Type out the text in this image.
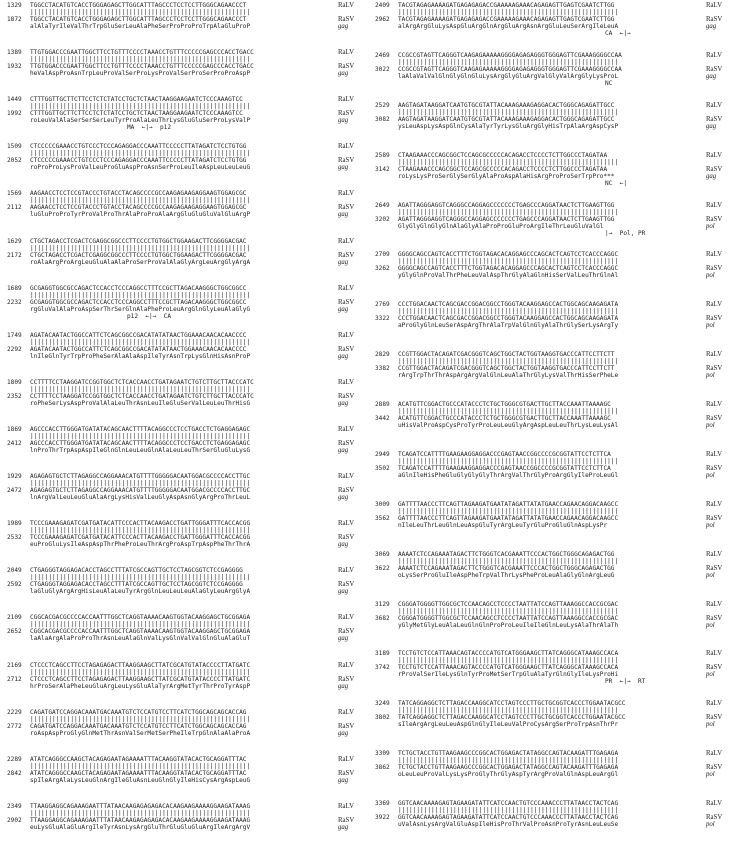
1329 TGGCCTACATGTCACCTGGGAGAGCTTGGCATTTAGCCCTCCTCCTTGGGCAGAACCCT	RaLV
||||||||||||||||||||||||||||||||||||||||||||||||||||||||||||
1872 TGGCCTACATGTCACCTGGGAGAGCTTGGCATTTAGCCCTCCTCCTTGGGCAGAACCCT	RaSV
alAlaTyrIleValThrTrpGluSerLeuAlaPheSerProProProTrpAlaGluProP	gag
1389 TTGTGGACCCGAATTGGCTTCCTGTTTCCCCTAAACCTGTTTCCCCCGAGCCCACCTGACC	RaLV
||||||||||||||||||||||||||||||||||||||||||||||||||||||||||||
1932 TTGTGGACCCGAATTGGCTTCCTGTTTCCCCTAAACCTGTTTCCCCCGAGCCCACCTGACC	RaSV
heValAspProAsnTrpLeuProValSerProLysProValSerProSerProProAspP	gag
1449 CTTTGGTTGCTTCTTCCTCTCTATCCTGCTCTAACTAAGGAAGAATCTCCCAAAGTCC	RaLV
||||||||||||||||||||||||||||||||||||||||||||||||||||||||||||
1992 CTTTGGTTGCTTCTTCCTCTCTATCCTGCTCTAACTAAGGAAGAATCTCCCAAAGTCC	RaSV
roLeuValAlaSerSerSerLeuTyrProAlaLeuThrLysGluGluSerProLysValP	gag
MA  ←|→  p12
1509 CTCCCCCGAAACCTGTCCCTCCCAGAGGACCCAAATTCCCCCTTATAGATCTCCTGTGG	RaLV
||||||||||||||||||||||||||||||||||||||||||||||||||||||||||||
2052 CTCCCCCGAAACCTGTCCCTCCCAGAGGACCCAAATTCCCCCTTATAGATCTCCTGTGG	RaSV
roProProLysProValLeuProGluAspProAsnSerProLeuIleAspLeuLeuLeuG	gag
1569 AAGAACCTCCTCCGTACCCTGTACCTACAGCCCCGCCAAGAGAAGAGGAAGTGGAGCGC	RaLV
||||||||||||||||||||||||||||||||||||||||||||||||||||||||||||
2112 AAGAACCTCCTCCGTACCCTGTACCTACAGCCCCGCCAAGAGAAGAGGAAGTGGAGCGC	RaSV
luGluProProTyrProValProThrAlaProProAlaArgGluGluGluValGluArgP	gag
1629 CTGCTAGACCTCGACTCGAGGCGGCCCTTCCCCTGTGGCTGGAAGACTTCGGGGACGAC	RaLV
||||||||||||||||||||||||||||||||||||||||||||||||||||||||||||
2172 CTGCTAGACCTCGACTCGAGGCGGCCCTTCCCCTGTGGCTGGAAGACTTCGGGGACGAC	RaSV
roAlaArgProArgLeuGluAlaAlaProSerProValAlaGlyArgLeuArgGlyArgA	gag
1689 GCGAGGTGGCGCCAGACTCCACCTCCCAGGCCTTTCCGCTTAGACAAGGGCTGGCGGCC	RaLV
||||||||||||||||||||||||||||||||||||||||||||||||||||||||||||
2232 GCGAGGTGGCGCCAGACTCCACCTCCCAGGCCTTTCCGCTTAGACAAGGGCTGGCGGCC	RaSV
rgGluValAlaProAspSerThrSerGlnAlaPheProLeuArgGlnGlyLeuAlaGlyG	gag
p12  ←|→  CA
1749 AGATACAATACTGGCCATTCTCAGCGGCCGACATATATAACTGGAAACAACACAACCCC	RaLV
||||||||||||||||||||||||||||||||||||||||||||||||||||||||||||
2292 AGATACAATACTGGCCATTCTCAGCGGCCGACATATATAACTGGAAACAACACAACCCC	RaSV
lnIleGlnTyrTrpProPheSerAlaAlaAspIleTyrAsnTrpLysGlnHisAsnProP	gag
1809 CCTTTTCCTAAGGATCCGGTGGCTCTCACCAACCTGATAGAATCTGTCTTGCTTACCCATC	RaLV
||||||||||||||||||||||||||||||||||||||||||||||||||||||||||||
2352 CCTTTTCCTAAGGATCCGGTGGCTCTCACCAACCTGATAGAATCTGTCTTGCTTACCCATC	RaSV
roPheSerLysAspProValAlaLeuThrAsnLeuIleGluSerValLeuLeuThrHisG	gag
1869 AGCCCACCTTGGGATGATATACAGCAACTTTTACAGGCCCTCCTGACCTCTGAGGAGAGC	RaLV
||||||||||||||||||||||||||||||||||||||||||||||||||||||||||||
2412 AGCCCACCTTGGGATGATATACAGCAACTTTTACAGGCCCTCCTGACCTCTGAGGAGAGC	RaSV
lnProThrTrpAspAspIleGlnGlnLeuLeuGlnAlaLeuLeuThrSerGluGluLysG	gag
1929 AGAGAGTGCTCTTAGAGGCCAGGAAACATGTTTTGGGGGACAATGGACGCCCCACCTTGC	RaLV
||||||||||||||||||||||||||||||||||||||||||||||||||||||||||||
2472 AGAGAGTGCTCTTAGAGGCCAGGAAACATGTTTTGGGGGACAATGGACGCCCCACCTTGC	RaSV
lnArgValLeuLeuGluAlaArgLysHisValLeuGlyAspAsnGlyArgProThrLeuL	gag
1989 TCCCGAAAGAGATCGATGATACATTCCCACTTACAAGACCTGATTGGGATTTCACCACGG	RaLV
||||||||||||||||||||||||||||||||||||||||||||||||||||||||||||
2532 TCCCGAAAGAGATCGATGATACATTCCCACTTACAAGACCTGATTGGGATTTCACCACGG	RaSV
euProGluLysIleAspAspThrPheProLeuThrArgProAspTrpAspPheThrThrA	gag
2049 CTGAGGGTAGGAGACACCTAGCCTTTATCGCCAGTTGCTCCTAGCGGTCTCCGAGGGG	RaLV
||||||||||||||||||||||||||||||||||||||||||||||||||||||||||||
2592 CTGAGGGTAGGAGACACCTAGCCTTTATCGCCAGTTGCTCCTAGCGGTCTCCGAGGGG	RaSV
laGluGlyArgArgHisLeuAlaLeuTyrArgGlnLeuLeuLeuAlaGlyLeuArgGlyA	gag
2109 CGGCACGACGCCCCACCAATTTGGCTCAGGTAAAACAAGTGGTACAAGGAGCTGCGGAGA	RaLV
||||||||||||||||||||||||||||||||||||||||||||||||||||||||||||
2652 CGGCACGACGCCCCACCAATTTGGCTCAGGTAAAACAAGTGGTACAAGGAGCTGCGGAGA	RaSV
laAlaArgAlaProProThrAsnLeuAlaGlnValLysGlnValValGlnGluAlaGluT	gag
2169 CTCCCTCAGCCTTCCTAGAGAGACTTAAGGAAGCTTATCGCATGTATACCCCTTATGATC	RaLV
||||||||||||||||||||||||||||||||||||||||||||||||||||||||||||
2712 CTCCCTCAGCCTTCCTAGAGAGACTTAAGGAAGCTTATCGCATGTATACCCCTTATGATC	RaSV
hrProSerAlaPheLeuGluArgLeuLysGluAlaTyrArgMetTyrThrProTyrAspP	gag
2229 CAGATGATCCAGGACAAATGACAAATGTCTCCATGTCCTTCATCTGGCAGCAGCACCAG	RaLV
||||||||||||||||||||||||||||||||||||||||||||||||||||||||||||
2772 CAGATGATCCAGGACAAATGACAAATGTCTCCATGTCCTTCATCTGGCAGCAGCACCAG	RaSV
roAspAspProGlyGlnMetThrAsnValSerMetSerPheIleTrpGlnAlaAlaProA	gag
2289 ATATCAGGGCCAAGCTACAGAGAATAGAAAATTTACAAGGTATACACTGCAGGATTTAC	RaLV
||||||||||||||||||||||||||||||||||||||||||||||||||||||||||||
2842 ATATCAGGGCCAAGCTACAGAGAATAGAAAATTTACAAGGTATACACTGCAGGATTTAC	RaSV
spIleArgAlaLysLeuGlnArgIleGluAsnLeuGlnGlyIleHisCysArgAspLeuG	gag
2349 TTAAGGAGGCAGAAAGAATTTATAACAAGAGAGAGACACAAGAAGAAAAGGAAGATAAAG	RaLV
||||||||||||||||||||||||||||||||||||||||||||||||||||||||||||
2902 TTAAGGAGGCAGAAAGAATTTATAACAAGAGAGAGACACAAGAAGAAAAGGAAGATAAAG	RaSV
euLysGluAlaGluArgIleTyrAsnLysArgGluThrGluGluGluArgIleArgArgV	gag
2409 TACGTAGAGAAAAGATGAGAGAGACCGAAAAAGAAACAGAGAGTTGAGTCGAATCTTGG	RaLV
||||||||||||||||||||||||||||||||||||||||||||||||||||||||||||
2962 TACGTAGAGAAAAGATGAGAGAGACCGAAAAAGAAACAGAGAGTTGAGTCGAATCTTGG	RaSV
alArgArgGluLysAspGluArgGlnArgGluArgAsnArgGluLeuSerArgIleLeuA	gag
CA  ←|→
2469 CCGCCGTAGTTCAGGGTCAAGAGAAAAAGGGGAGAGAGGGTGGGAGTTCGAAAGGGGCCAA	RaLV
||||||||||||||||||||||||||||||||||||||||||||||||||||||||||||
3022 CCGCCGTAGTTCAGGGTCAAGAGAAAAAGGGGAGAGAGGGTGGGAGTTCGAAAGGGGCCAA	RaSV
laAlaValValGlnGlyGlnGluLysArgGlyGluArgValGlyValArgGlyLysProL	gag
NC
2529 AAGTAGATAAGGATCAATGTGCGTATTACAAAGAAAGAGGACACTGGGCAGAGATTGCC	RaLV
||||||||||||||||||||||||||||||||||||||||||||||||||||||||||||
3082 AAGTAGATAAGGATCAATGTGCGTATTACAAAGAAAGAGGACACTGGGCAGAGATTGCC	RaSV
ysLeuAspLysAspGlnCysAlaTyrTyrLysGluArgGlyHisTrpAlaArgAspCysP	gag
2589 CTAAGAAACCCAGCGGCTCCAGCGCCCCCACAGACCTCCCCTCTTGGCCCTAGATAA	RaLV
||||||||||||||||||||||||||||||||||||||||||||||||||||||||||||
3142 CTAAGAAACCCAGCGGCTCCAGCGCCCCCACAGACCTCCCCTCTTGGCCCTAGATAA	RaSV
roLysLysProSerGlySerGlyAlaProAspAlaHisArgProProSerTrpPro***	gag
NC  ←|
2649 AGATTAGGGAGGTCAGGGCCAGGAGCCCCCCCTGAGCCCAGGATAACTCTTGAAGTTGG	RaLV
||||||||||||||||||||||||||||||||||||||||||||||||||||||||||||
3202 AGATTAGGGAGGTCAGGGCCAGGAGCCCCCCCTGAGCCCAGGATAACTCTTGAAGTTGG	RaSV
GlyGlyGlnGlyGlnAlaGlyAlaProProGluProArgIleThrLeuGluValGl	pol
|→  Pol, PR
2709 GGGGCAGCCAGTCACCTTTCTGGTAGACACAGGAGCCCAGCACTCAGTCCTCACCCAGGC	RaLV
||||||||||||||||||||||||||||||||||||||||||||||||||||||||||||
3262 GGGGCAGCCAGTCACCTTTCTGGTAGACACAGGAGCCCAGCACTCAGTCCTCACCCAGGC	RaSV
yGlyGlnProValThrPheLeuValAspThrGlyAlaGlnHisSerValLeuThrGlnAl	pol
2769 CCCTGGACAACTCAGCGACCGGACGGCCTGGGTACAAGGAGCCACTGGCAGCAAGAGATA	RaLV
||||||||||||||||||||||||||||||||||||||||||||||||||||||||||||
3322 CCCTGGACAACTCAGCGACCGGACGGCCTGGGTACAAGGAGCCACTGGCAGCAAGAGATA	RaSV
aProGlyGlnLeuSerAspArgThrAlaTrpValGlnGlyAlaThrGlySerLysArgTy	pol
2829 CCGTTGGACTACAGATCGACGGGTCAGCTGGCTACTGGTAAGGTGACCCATTCCTTCTT	RaLV
||||||||||||||||||||||||||||||||||||||||||||||||||||||||||||
3382 CCGTTGGACTACAGATCGACGGGTCAGCTGGCTACTGGTAAGGTGACCCATTCCTTCTT	RaSV
rArgTrpThrThrAspArgArgValGlnLeuAlaThrGlyLysValThrHisSerPheLe	pol
2889 ACATGTTCGGACTGCCCATACCCTCTGCTGGGCGTGACTTGCTTACCAAATTAAAAGC	RaLV
||||||||||||||||||||||||||||||||||||||||||||||||||||||||||||
3442 ACATGTTCGGACTGCCCATACCCTCTGCTGGGCGTGACTTGCTTACCAAATTAAAAGC	RaSV
uHisValProAspCysProTyrProLeuLeuGlyArgAspLeuLeuThrLysLeuLysAl	pol
2949 TCAGATCCATTTTGAAGAAGGAGGACCCGAGTAACCGGCCCCGCGGTATTCCTCTTCA	RaLV
||||||||||||||||||||||||||||||||||||||||||||||||||||||||||||
3502 TCAGATCCATTTTGAAGAAGGAGGACCCGAGTAACCGGCCCCGCGGTATTCCTCTTCA	RaSV
aGlnIleHisPheGluGlyGlyGlyThrArgValThrGlyProArgGlyIleProLeuGl	pol
3009 GATTTTAACCCTTCAGTTAGAAGATGAATATAGATTATATGAACCAGAACAGGACAAGCC	RaLV
||||||||||||||||||||||||||||||||||||||||||||||||||||||||||||
3562 GATTTTAACCCTTCAGTTAGAAGATGAATATAGATTATATGAACCAGAACAGGACAAGCC	RaSV
nIleLeuThrLeuGlnLeuAspGluTyrArgLeuTyrGluProGluGlnAspLysPr	pol
3069 AAAATCTCCAGAAATAGACTTCTGGGTCACGAAATTCCCACTGGCTGGGCAGAGACTGG	RaLV
||||||||||||||||||||||||||||||||||||||||||||||||||||||||||||
3622 AAAATCTCCAGAAATAGACTTCTGGGTCACGAAATTCCCACTGGCTGGGCAGAGACTGG	RaSV
oLysSerProGluIleAspPheTrpValThrLysPheProLeuAlaGlyGlnArgLeuG	pol
3129 CGGGATGGGGTTGGCGCTCCAACAGCCTCCCCTAATTATCCAGTTAAAGGCCACCGCGAC	RaLV
||||||||||||||||||||||||||||||||||||||||||||||||||||||||||||
3682 CGGGATGGGGTTGGCGCTCCAACAGCCTCCCCTAATTATCCAGTTAAAGGCCACCGCGAC	RaSV
yGlyMetGlyLeuAlaLeuGlnGlnProProLeuIleIleGlnLeuLysAlaThrAlaTh	pol
3189 TCCTGTCTCCATTAAACAGTACCCCATGTCATGGGAAGCTTATCAGGGCATAAAGCCACA	RaLV
||||||||||||||||||||||||||||||||||||||||||||||||||||||||||||
3742 TCCTGTCTCCATTAAACAGTACCCCATGTCATGGGAAGCTTATCAGGGCATAAAGCCACA	RaSV
rProValSerIleLysGlnTyrProMetSerTrpGluAlaTyrGlnGlyIleLysProHi	pol
PR  ←|→  RT
3249 TATCAGGAGGCTCTTAGACCAAGGCATCCTAGTCCCTTGCTGCGGTCACCCTGGAATACGCC	RaLV
||||||||||||||||||||||||||||||||||||||||||||||||||||||||||||
3802 TATCAGGAGGCTCTTAGACCAAGGCATCCTAGTCCCTTGCTGCGGTCACCCTGGAATACGCC	RaSV
sIleArgArgLeuLeuAspGlnGlyIleLeuValProCysArgSerProTrpAsnThrPr	pol
3309 TCTGCTACCTGTTAAGAAGCCCGGCACTGGAGACTATAGGCCAGTACAAGATTTGAGAGA	RaLV
||||||||||||||||||||||||||||||||||||||||||||||||||||||||||||
3862 TCTGCTACCTGTTAAGAAGCCCGGCACTGGAGACTATAGGCCAGTACAAGATTTGAGAGA	RaSV
oLeuLeuProValLysLysProGlyThrGlyAspTyrArgProValGlnAspLeuArgGl	pol
3369 GGTCAACAAAAGAGTAGAAGATATTCATCCAACTGTCCCAAACCCTTATAACCTACTCAG	RaLV
||||||||||||||||||||||||||||||||||||||||||||||||||||||||||||
3922 GGTCAACAAAAGAGTAGAAGATATTCATCCAACTGTCCCAAACCCTTATAACCTACTCAG	RaSV
uValAsnLysArgValGluAspIleHisProThrValProAsnProTyrAsnLeuLeuSe	pol
